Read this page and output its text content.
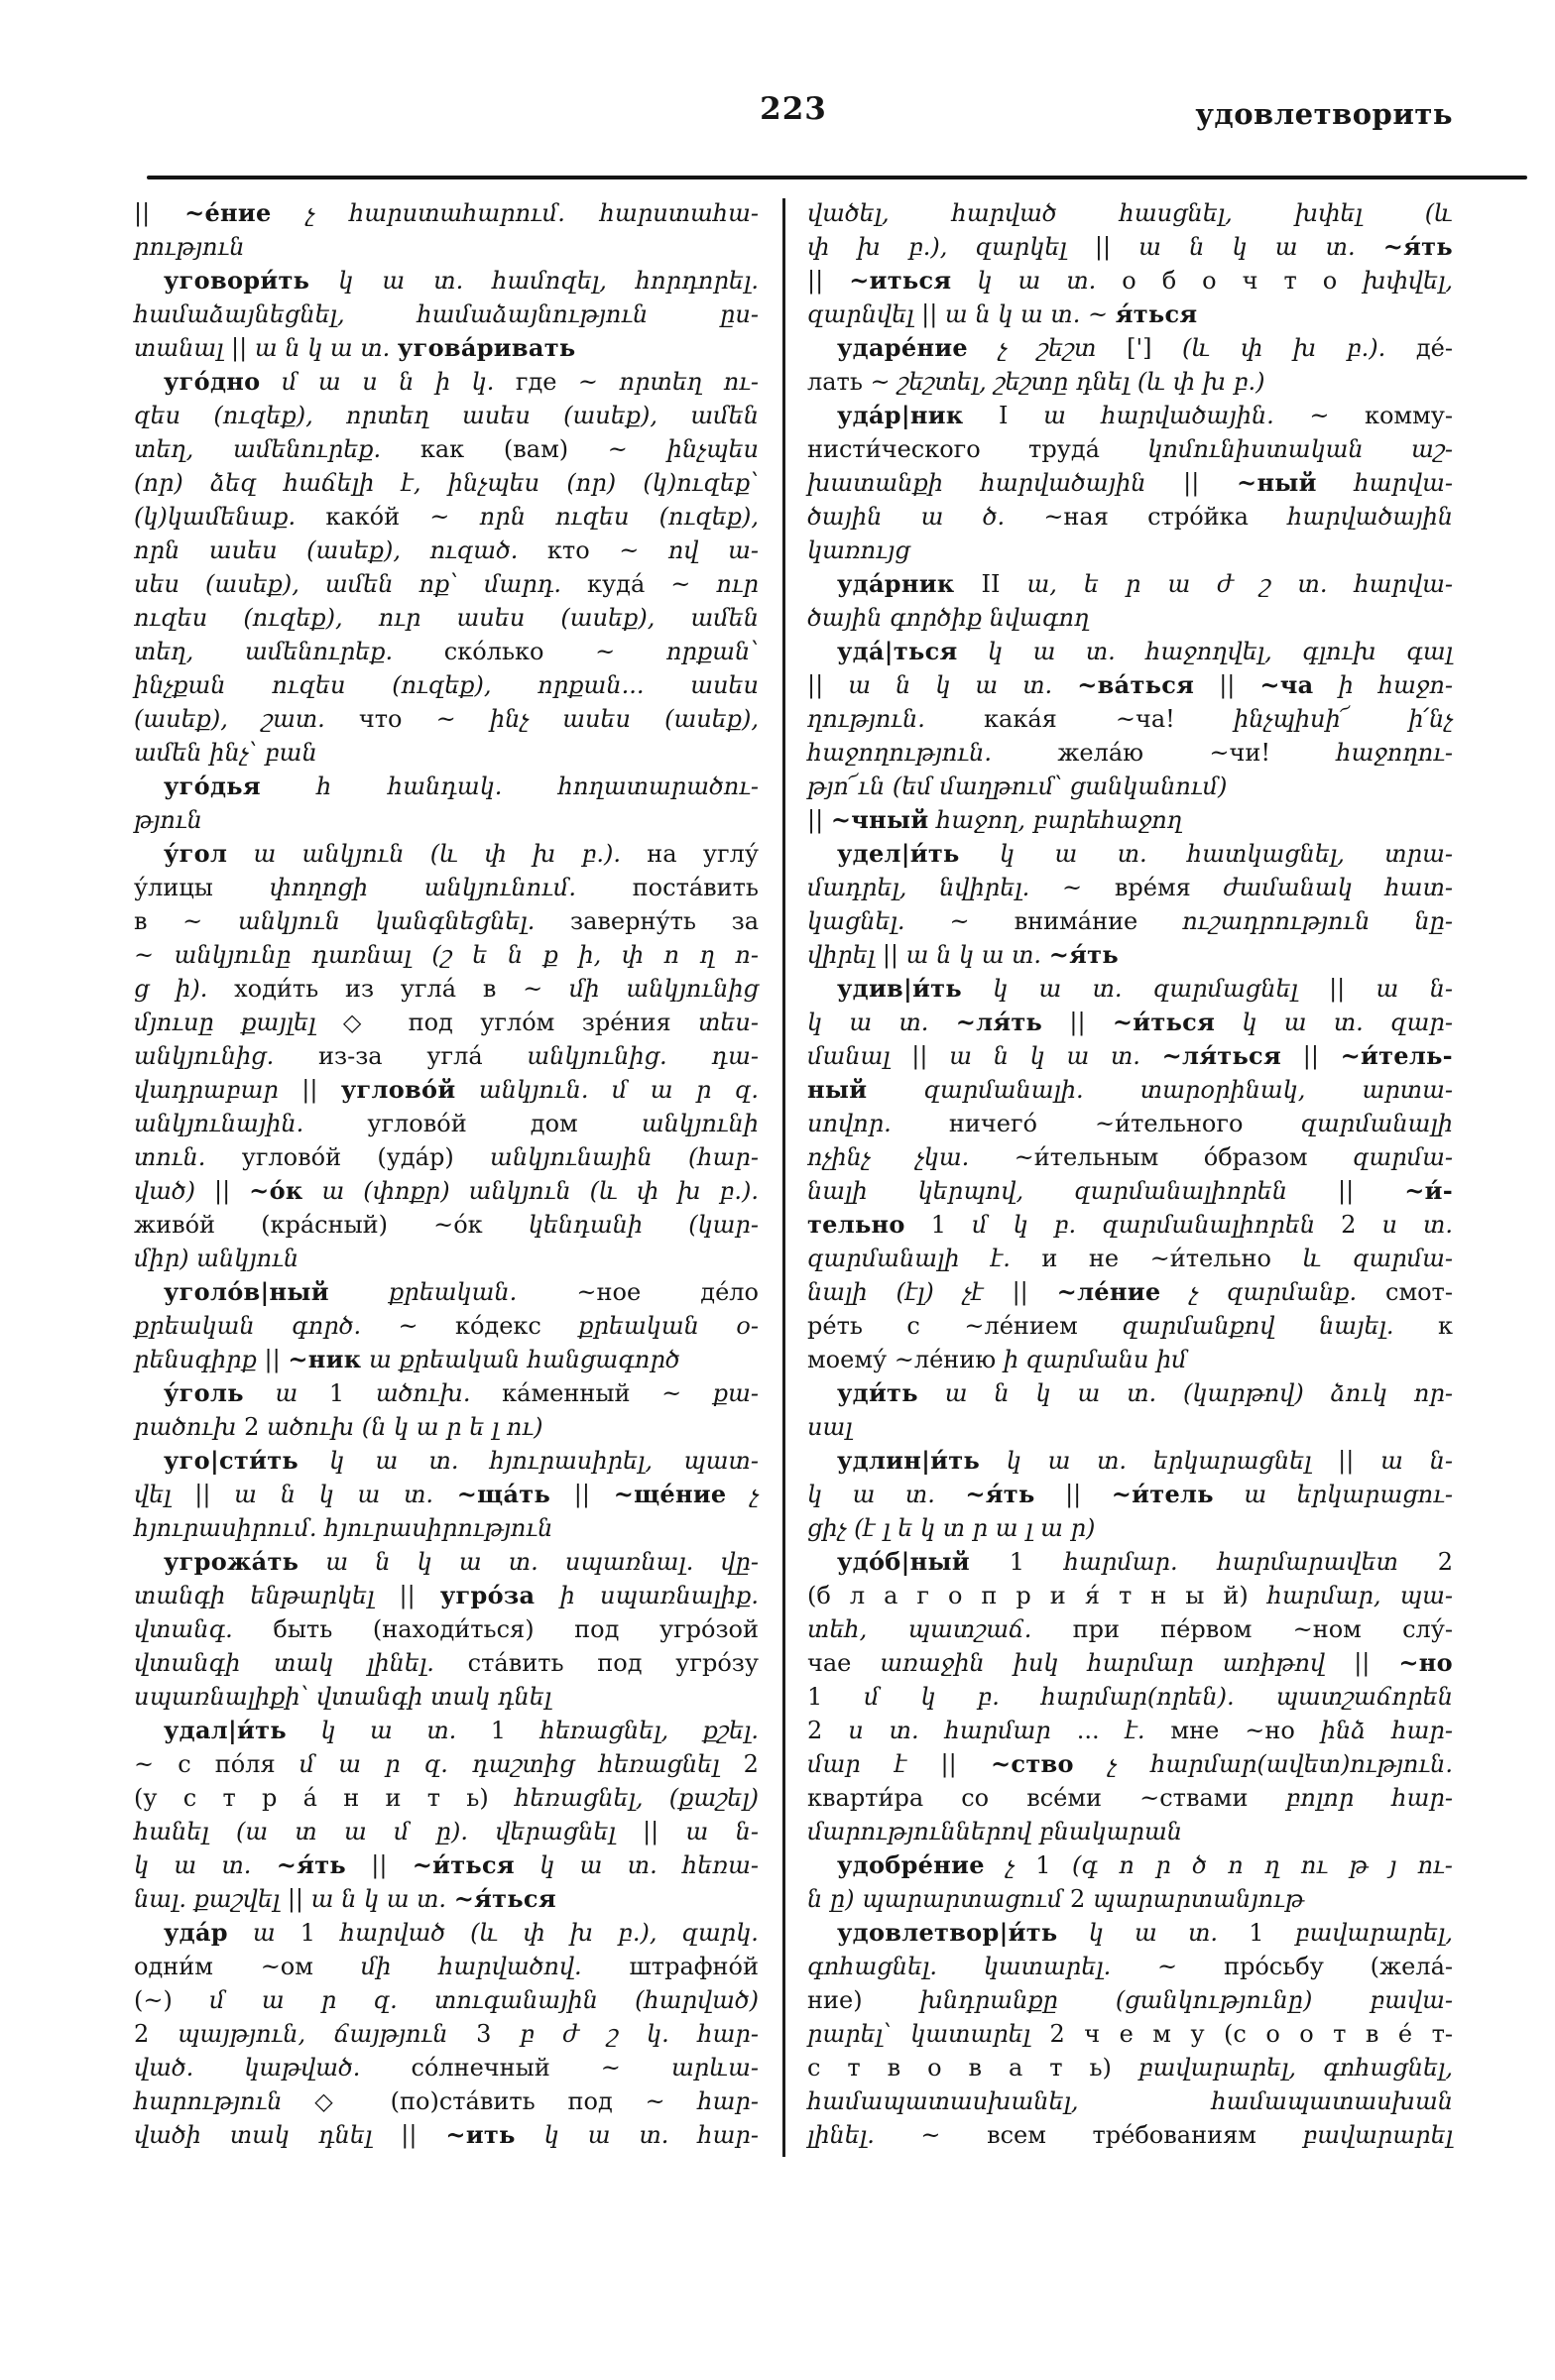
223	удовлетворить
|| ~е́ние չ հարստահարում. հարստահա-
րություն
уговори́ть կ ա տ. համոզել, հորդորել.
համաձայնեցնել,	համաձայնություն	ըս-
տանալ || ա ն կ ա տ. угова́ривать
уго́дно մ ա ս ն ի կ. где ~ որտեղ ու-
զես (ուզեք), որտեղ ասես (ասեք), ամեն
տեղ, ամենուրեք. как (вам) ~ ինչպես
(որ) ձեզ հաճելի է, ինչպես (որ) (կ)ուզեք՝
(կ)կամենաք. како́й ~ որն ուզես (ուզեք),
որն ասես (ասեք), ուզած. кто ~ ով ա-
սես (ասեք), ամեն ոք՝ մարդ. куда́ ~ ուր
ուզես (ուզեք), ուր ասես (ասեք), ամեն
տեղ, ամենուրեք. ско́лько ~ որքան՝
ինչքան ուզես (ուզեք), որքան... ասես
(ասեք), շատ. что ~ ինչ ասես (ասեք),
ամեն ինչ՝ բան
уго́дья հ հանդակ. հողատարածու-
թյուն
у́гол ա անկյուն (և փ խ բ.). на углу́
у́лицы փողոցի անկյունում. поста́вить
в ~ անկյուն կանգնեցնել. заверну́ть за
~ անկյունը դառնալ (շ ե ն ք ի, փ ո ղ ո-
ց ի). ходи́ть из угла́ в ~ մի անկյունից
մյուսը քայլել ◇ под угло́м зре́ния տես-
անկյունից. из-за угла́ անկյունից. դա-
վադրաբար || углово́й անկյուն. մ ա ր զ.
անկյունային. углово́й дом անկյունի
տուն. углово́й (уда́р) անկյունային (հար-
ված) || ~о́к ա (փոքր) անկյուն (և փ խ բ.).
живо́й (кра́сный) ~о́к կենդանի (կար-
միր) անկյուն
уголо́в|ный	քրեական. ~ное де́ло
քրեական գործ. ~ ко́декс քրեական օ-
րենսգիրք || ~ник ա քրեական հանցագործ
у́голь ա 1 ածուխ. ка́менный ~ քա-
րածուխ 2 ածուխ (ն կ ա ր ե լ ու)
уго|сти́ть կ ա տ. հյուրասիրել, պատ-
վել || ա ն կ ա տ. ~ща́ть || ~ще́ние չ
հյուրասիրում. հյուրասիրություն
угрожа́ть ա ն կ ա տ. սպառնալ. վը-
տանգի ենթարկել || угро́за ի սպառնալիք.
վտանգ. быть (находи́ться) под угро́зой
վտանգի տակ լինել. ста́вить под угро́зу
սպառնալիքի՝ վտանգի տակ դնել
удал|и́ть կ ա տ. 1 հեռացնել, քշել.
~ с по́ля մ ա ր զ. դաշտից հեռացնել 2
(у с т р а́ н и т ь) հեռացնել, (քաշել)
հանել (ա տ ա մ ը). վերացնել || ա ն-
կ ա տ. ~я́ть || ~и́ться կ ա տ. հեռա-
նալ. քաշվել || ա ն կ ա տ. ~я́ться
уда́р ա 1 հարված (և փ խ բ.), զարկ.
одни́м ~ом մի հարվածով. штрафно́й
(~) մ ա ր զ. տուգանային (հարված)
2 պայթյուն, ճայթյուն 3 բ ժ շ կ. հար-
ված. կաթված. со́лнечный ~ արևա-
հարություն ◇ (по)ста́вить под ~ հար-
վածի տակ դնել || ~ить կ ա տ. հար-
վածել,	հարված	հասցնել,	խփել	(և
փ խ բ.), զարկել || ա ն կ ա տ. ~я́ть
|| ~иться կ ա տ. о б о ч т о խփվել,
զարնվել || ա ն կ ա տ. ~ я́ться
ударе́ние չ շեշտ ['] (և փ խ բ.). де́-
лать ~ շեշտել, շեշտը դնել (և փ խ բ.)
уда́р|ник I ա հարվածային. ~ комму-
нисти́ческого труда́ կոմունիստական աշ-
խատանքի հարվածային || ~ный հարվա-
ծային ա ծ. ~ная стро́йка հարվածային
կառույց
уда́рник II ա, ե ր ա ժ շ տ. հարվա-
ծային գործիք նվագող
уда́|ться կ ա տ. հաջողվել, գլուխ գալ
|| ա ն կ ա տ. ~ва́ться || ~ча ի հաջո-
ղություն. кака́я ~ча! ինչպիսի՜ ի՛նչ
հաջողություն. жела́ю ~чи! հաջողու-
թյո՜ւն (եմ մաղթում՝ ցանկանում)
|| ~чный հաջող, բարեհաջող
удел|и́ть կ ա տ. հատկացնել, տրա-
մադրել, նվիրել. ~ вре́мя ժամանակ հատ-
կացնել. ~ внима́ние ուշադրություն նը-
վիրել || ա ն կ ա տ. ~я́ть
удив|и́ть կ ա տ. զարմացնել || ա ն-
կ ա տ. ~ля́ть || ~и́ться կ ա տ. զար-
մանալ || ա ն կ ա տ. ~ля́ться || ~и́тель-
ный զարմանալի. տարօրինակ, արտա-
սովոր. ничего́ ~и́тельного զարմանալի
ոչինչ չկա. ~и́тельным о́бразом զարմա-
նալի կերպով, զարմանալիորեն || ~и́-
тельно 1 մ կ բ. զարմանալիորեն 2 ս տ.
զարմանալի է. и не ~и́тельно և զարմա-
նալի (էլ) չէ || ~ле́ние չ զարմանք. смот-
ре́ть с ~ле́нием զարմանքով նայել. к
моему́ ~ле́нию ի զարմանս իմ
уди́ть ա ն կ ա տ. (կարթով) ձուկ որ-
սալ
удлин|и́ть կ ա տ. երկարացնել || ա ն-
կ ա տ. ~я́ть || ~и́тель ա երկարացու-
ցիչ (է լ ե կ տ ր ա լ ա ր)
удо́б|ный 1 հարմար. հարմարավետ 2
(б л а г о п р и я́ т н ы й) հարմար, պա-
տեհ, պատշաճ. при пе́рвом ~ном слу́-
чае առաջին իսկ հարմար առիթով || ~но
1 մ կ բ. հարմար(որեն). պատշաճորեն
2 ս տ. հարմար ... է. мне ~но ինձ հար-
մար է || ~ство չ հարմար(ավետ)ություն.
кварти́ра со все́ми ~ствами բոլոր հար-
մարություններով բնակարան
удобре́ние չ 1 (գ ո ր ծ ո ղ ու թ յ ու-
ն ը) պարարտացում 2 պարարտանյութ
удовлетвор|и́ть կ ա տ. 1 բավարարել,
գոհացնել. կատարել. ~ про́сьбу (жела́-
ние) խնդրանքը (ցանկությունը) բավա-
րարել՝ կատարել 2 ч е м у (с о о т в е́ т-
с т в о в а т ь) բավարարել, գոհացնել,
համապատասխանել,	համապատասխան
լինել. ~ всем тре́бованиям բավարարել
